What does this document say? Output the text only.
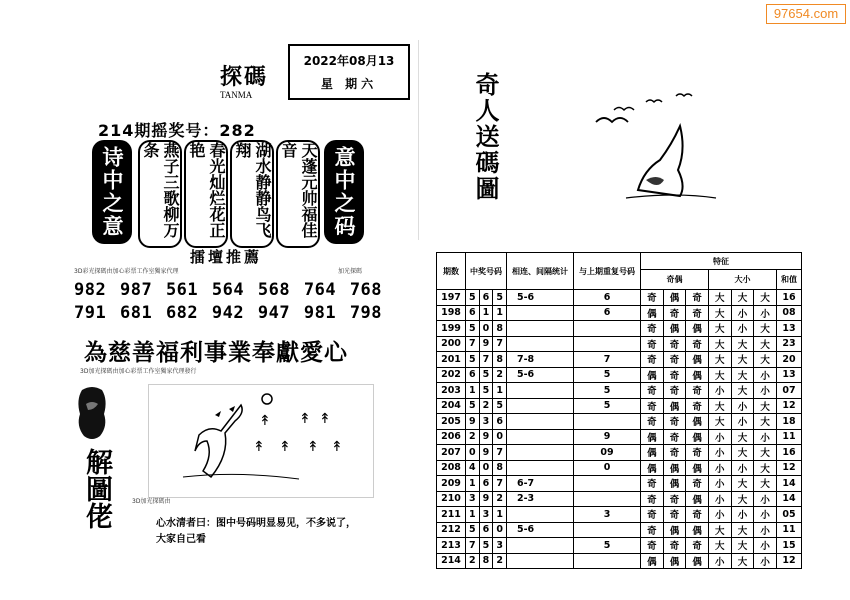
97654.com
探碼
TANMA
2022年08月13
星 期六
214期摇奖号：282
诗中之意	燕子三歌柳万条	春光灿烂花正艳	湖水静静鸟飞翔	天蓬元帅福佳音	意中之码
擂壇推薦
3D彩光探碼由加心彩票工作室獨家代理	加光探碼
982 987 561 564 568 764 768
791 681 682 942 947 981 798
為慈善福利事業奉獻愛心
3D加光探碼由加心彩票工作室獨家代理發行
解圖佬
↟ ↟ ↟
↟ ↟ ↟ ↟
3D加光探碼由
心水清者曰：图中号码明显易见，不多说了，
大家自己看
奇人送碼圖
期数	中奖号码			相连、间隔统计	与上期重复号码	特征						
						奇偶			大小			和值
197	5	6	5	5-6	6	奇	偶	奇	大	大	大	16
198	6	1	1		6	偶	奇	奇	大	小	小	08
199	5	0	8			奇	偶	偶	大	小	大	13
200	7	9	7			奇	奇	奇	大	大	大	23
201	5	7	8	7-8	7	奇	奇	偶	大	大	大	20
202	6	5	2	5-6	5	偶	奇	偶	大	大	小	13
203	1	5	1		5	奇	奇	奇	小	大	小	07
204	5	2	5		5	奇	偶	奇	大	小	大	12
205	9	3	6			奇	奇	偶	大	小	大	18
206	2	9	0		9	偶	奇	偶	小	大	小	11
207	0	9	7		09	偶	奇	奇	小	大	大	16
208	4	0	8		0	偶	偶	偶	小	小	大	12
209	1	6	7	6-7		奇	偶	奇	小	大	大	14
210	3	9	2	2-3		奇	奇	偶	小	大	小	14
211	1	3	1		3	奇	奇	奇	小	小	小	05
212	5	6	0	5-6		奇	偶	偶	大	大	小	11
213	7	5	3		5	奇	奇	奇	大	大	小	15
214	2	8	2			偶	偶	偶	小	大	小	12
